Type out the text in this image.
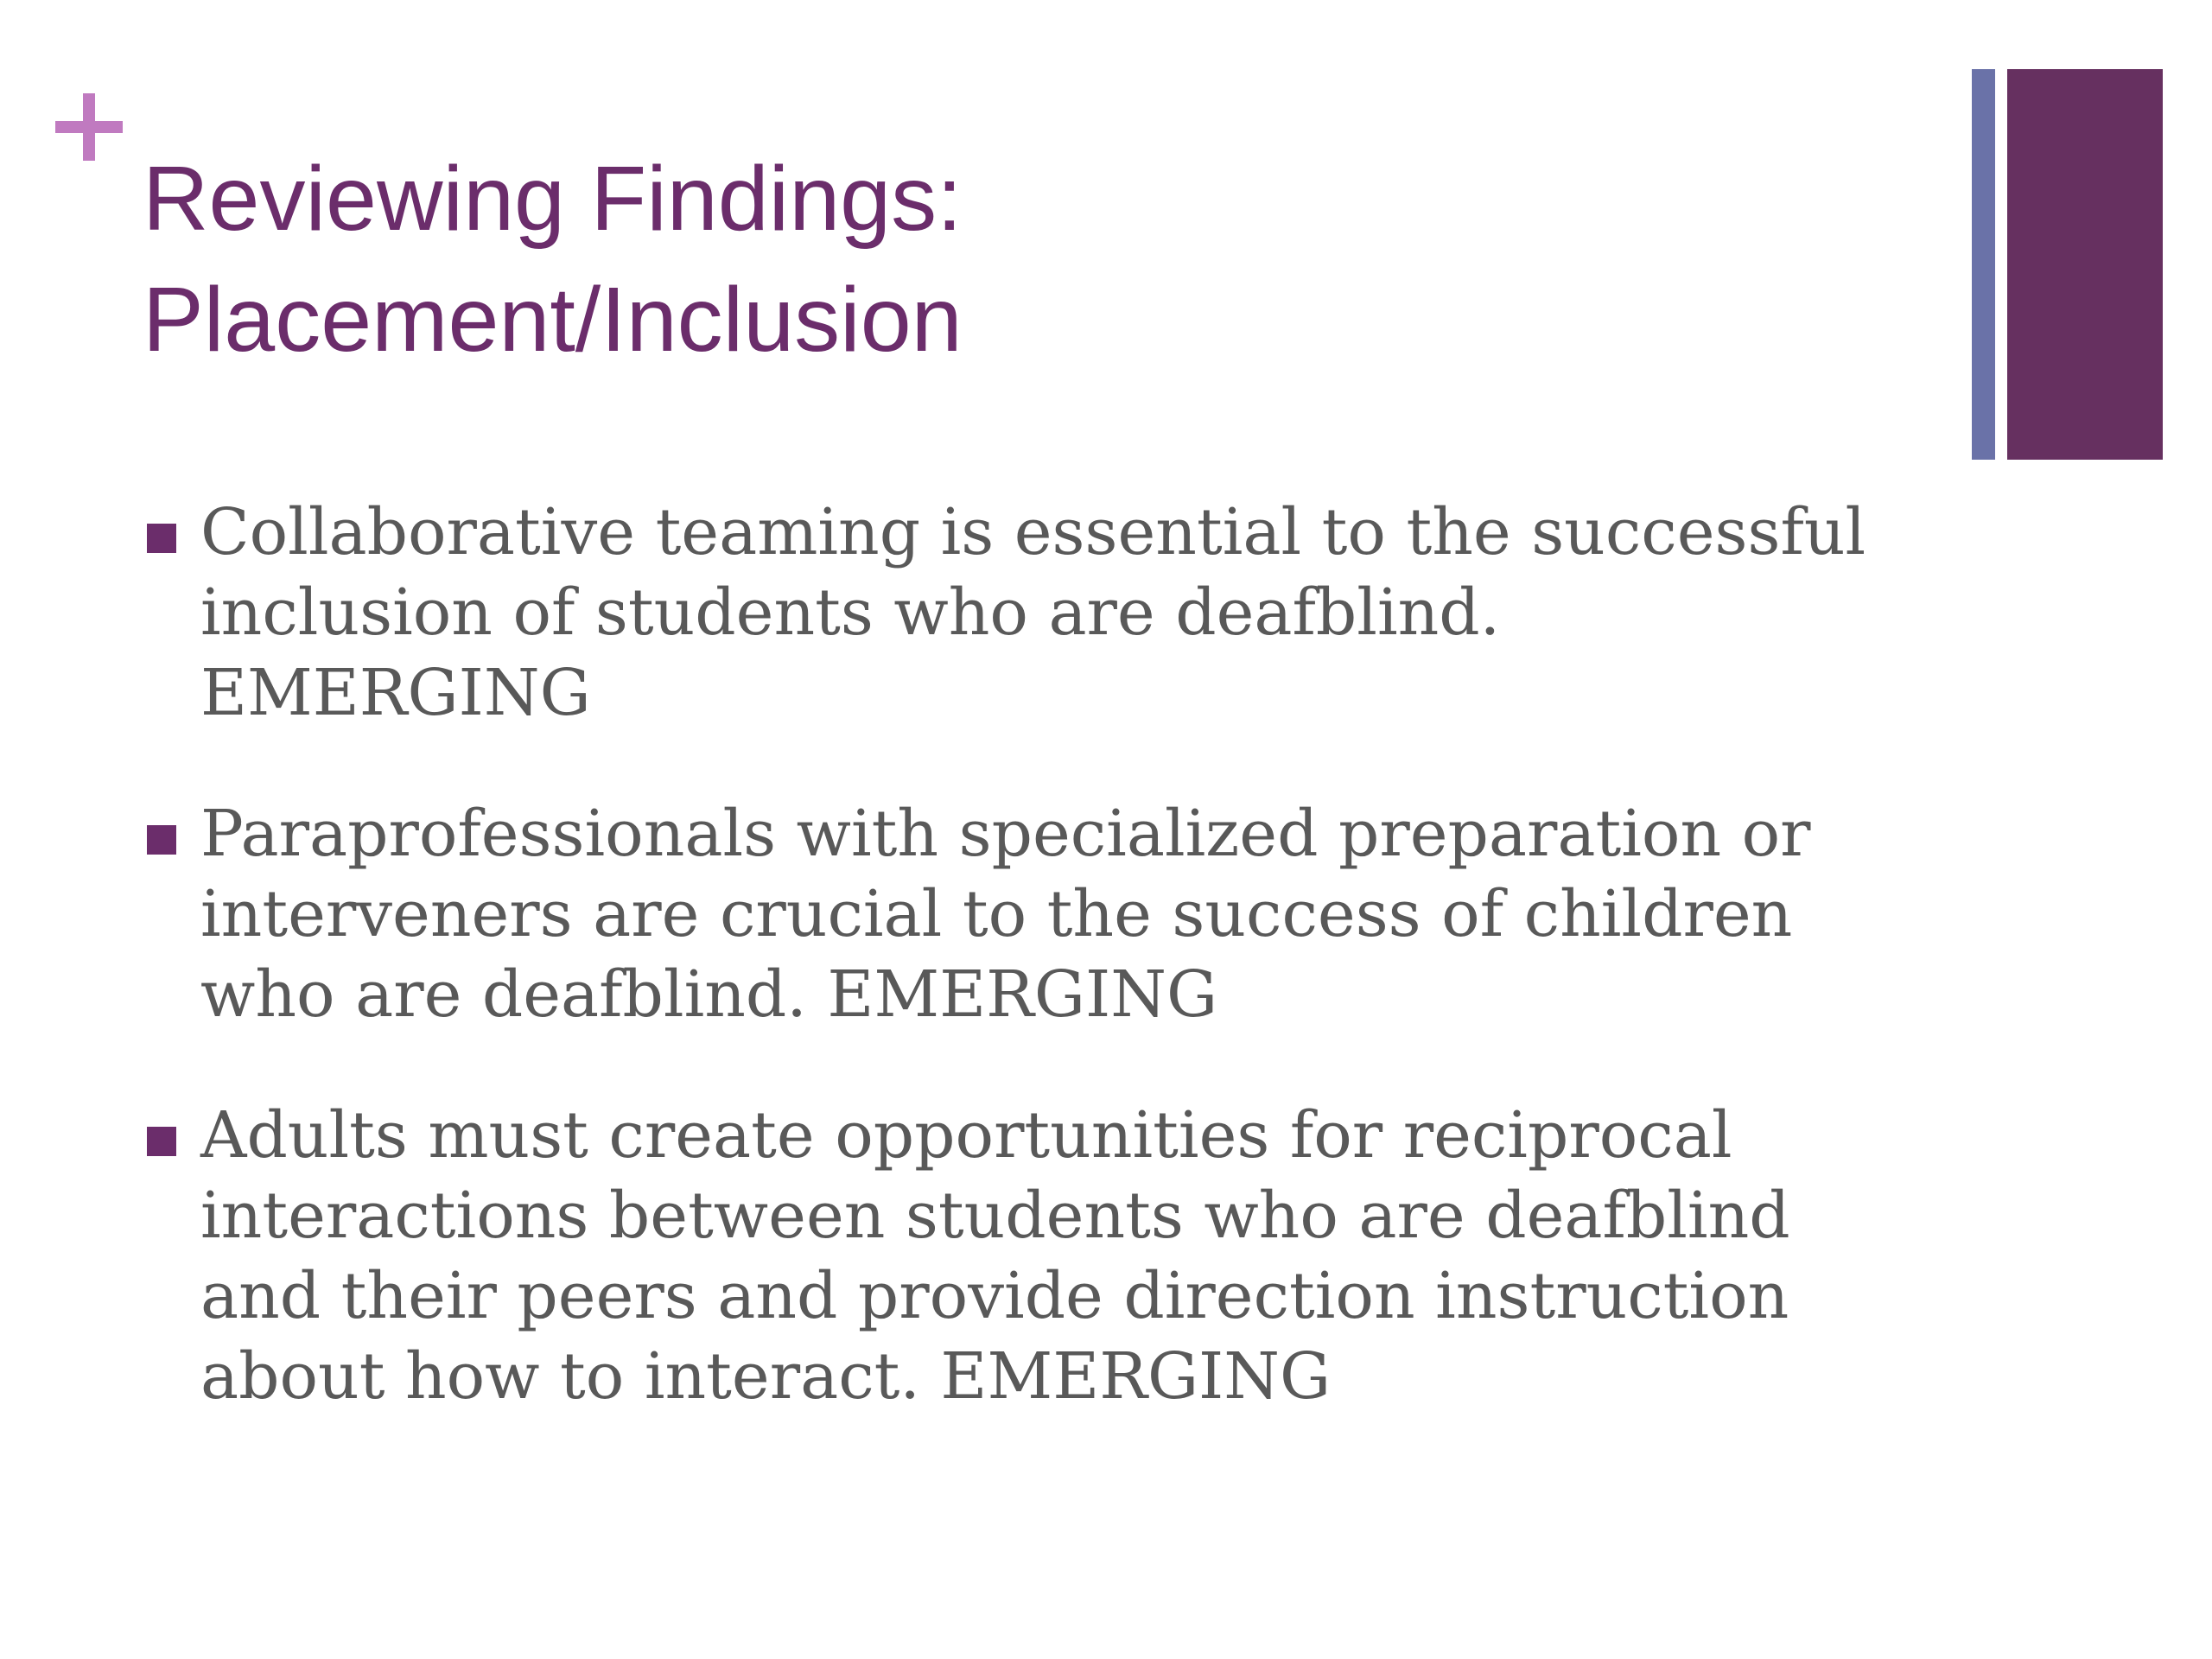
Reviewing Findings:
Placement/Inclusion
Collaborative teaming is essential to the successful
inclusion of students who are deafblind.
EMERGING
Paraprofessionals with specialized preparation or
interveners are crucial to the success of children
who are deafblind. EMERGING
Adults must create opportunities for reciprocal
interactions between students who are deafblind
and their peers and provide direction instruction
about how to interact. EMERGING
